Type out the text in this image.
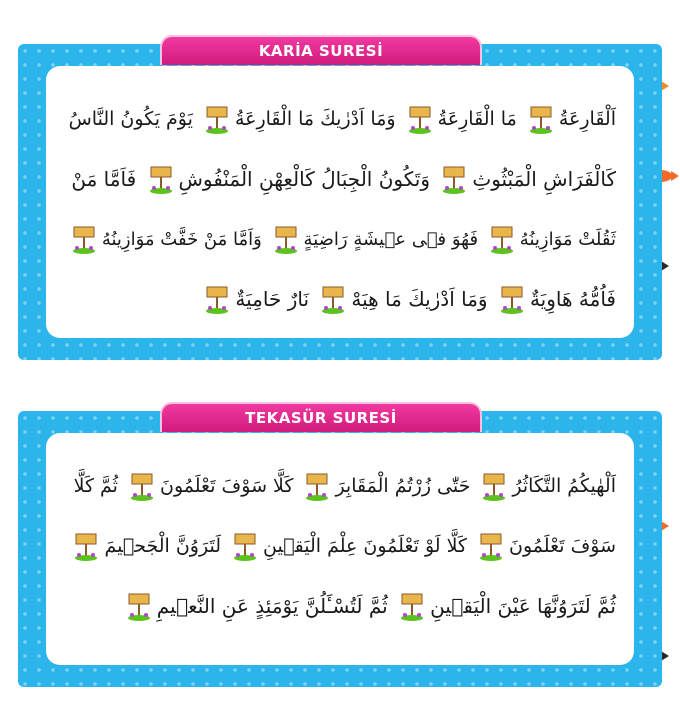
اَلْقَارِعَةُ مَا الْقَارِعَةُ وَمَا اَدْرٰيكَ مَا الْقَارِعَةُ يَوْمَ يَكُونُ النَّاسُ
كَالْفَرَاشِ الْمَبْثُوثِ وَتَكُونُ الْجِبَالُ كَالْعِهْنِ الْمَنْفُوشِ فَاَمَّا مَنْ
ثَقُلَتْ مَوَازِينُهُ فَهُوَ فٖى عٖيشَةٍ رَاضِيَةٍ وَاَمَّا مَنْ خَفَّتْ مَوَازِينُهُ
فَاُمُّهُ هَاوِيَةٌ وَمَا اَدْرٰيكَ مَا هِيَهْ نَارٌ حَامِيَةٌ
KARİA SURESİ
اَلْهٰيكُمُ التَّكَاثُرُ حَتّٰى زُرْتُمُ الْمَقَابِرَ كَلَّا سَوْفَ تَعْلَمُونَ ثُمَّ كَلَّا
سَوْفَ تَعْلَمُونَ كَلَّا لَوْ تَعْلَمُونَ عِلْمَ الْيَقٖينِ لَتَرَوُنَّ الْجَحٖيمَ
ثُمَّ لَتَرَوُنَّهَا عَيْنَ الْيَقٖينِ ثُمَّ لَتُسْـَٔلُنَّ يَوْمَئِذٍ عَنِ النَّعٖيمِ
TEKASÜR SURESİ
